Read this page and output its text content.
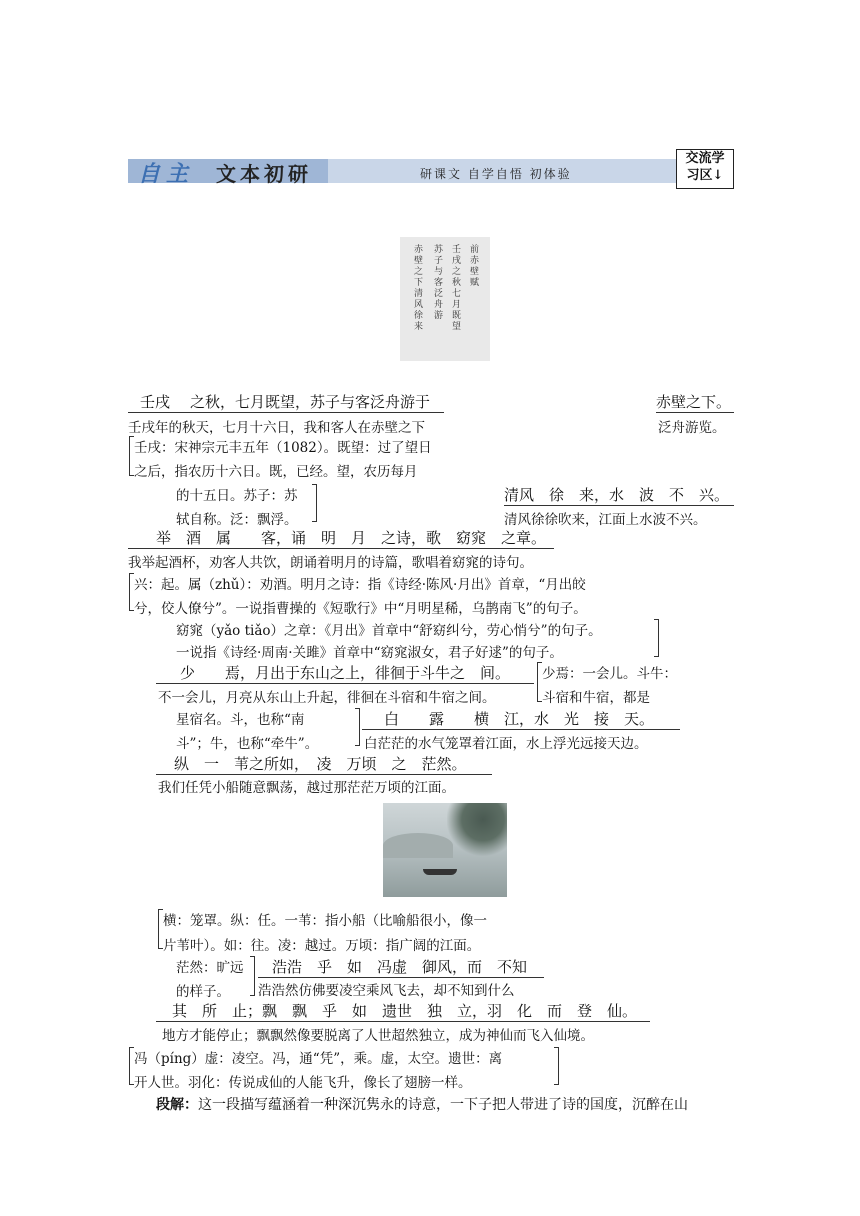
自主 文本初研	研课文 自学自悟 初体验
交流学
习区↓
前赤壁赋
壬戌之秋七月既望
苏子与客泛舟游
赤壁之下清风徐来
壬戌 之秋，七月既望，苏子与客泛舟游于	赤壁之下。
壬戌年的秋天，七月十六日，我和客人在赤壁之下	泛舟游览。
壬戌：宋神宗元丰五年（1082）。既望：过了望日
之后，指农历十六日。既，已经。望，农历每月
的十五日。苏子：苏
轼自称。泛：飘浮。
清风　徐　来，水　波　不　兴。
清风徐徐吹来，江面上水波不兴。
举　酒　属　　客，诵　明　月　之诗，歌　窈窕　之章。
我举起酒杯，劝客人共饮，朗诵着明月的诗篇，歌唱着窈窕的诗句。
兴：起。属（zhǔ）：劝酒。明月之诗：指《诗经·陈风·月出》首章，“月出皎
兮，佼人僚兮”。一说指曹操的《短歌行》中“月明星稀，乌鹊南飞”的句子。
窈窕（yǎo tiǎo）之章：《月出》首章中“舒窈纠兮，劳心悄兮”的句子。
一说指《诗经·周南·关雎》首章中“窈窕淑女，君子好逑”的句子。
少　　焉，月出于东山之上，徘徊于斗牛之　间。	少焉：一会儿。斗牛：
不一会儿，月亮从东山上升起，徘徊在斗宿和牛宿之间。	斗宿和牛宿，都是
星宿名。斗，也称“南
斗”；牛，也称“牵牛”。
白　　露　　横　江，水　光　接　天。
白茫茫的水气笼罩着江面，水上浮光远接天边。
纵　一　苇之所如，　凌　万顷　之　茫然。
我们任凭小船随意飘荡，越过那茫茫万顷的江面。
横：笼罩。纵：任。一苇：指小船（比喻船很小，像一
片苇叶）。如：往。凌：越过。万顷：指广阔的江面。
茫然：旷远
的样子。
浩浩　乎　如　冯虚　御风，而　不知
浩浩然仿佛要凌空乘风飞去，却不知到什么
其　所　止；飘　飘　乎　如　遗世　独　立，羽　化　而　登　仙。
地方才能停止；飘飘然像要脱离了人世超然独立，成为神仙而飞入仙境。
冯（píng）虚：凌空。冯，通“凭”，乘。虚，太空。遗世：离
开人世。羽化：传说成仙的人能飞升，像长了翅膀一样。
段解：这一段描写蕴涵着一种深沉隽永的诗意，一下子把人带进了诗的国度，沉醉在山
